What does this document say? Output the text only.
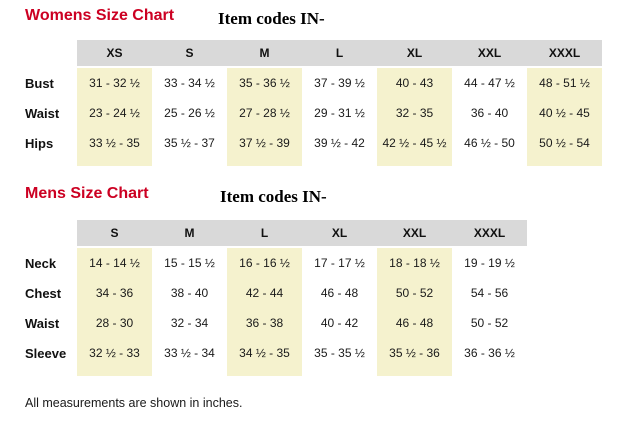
Womens Size Chart	Item codes IN-
	XS	S	M	L	XL	XXL	XXXL

Bust	31 - 32 ½	33 - 34 ½	35 - 36 ½	37 - 39 ½	40 - 43	44 - 47 ½	48 - 51 ½
Waist	23 - 24 ½	25 - 26 ½	27 - 28 ½	29 - 31 ½	32 - 35	36 - 40	40 ½ - 45
Hips	33 ½ - 35	35 ½ - 37	37 ½ - 39	39 ½ - 42	42 ½ - 45 ½	46 ½ - 50	50 ½ - 54

Mens Size Chart	Item codes IN-
	S	M	L	XL	XXL	XXXL

Neck	14 - 14 ½	15 - 15 ½	16 - 16 ½	17 - 17 ½	18 - 18 ½	19 - 19 ½
Chest	34 - 36	38 - 40	42 - 44	46 - 48	50 - 52	54 - 56
Waist	28 - 30	32 - 34	36 - 38	40 - 42	46 - 48	50 - 52
Sleeve	32 ½ - 33	33 ½ - 34	34 ½ - 35	35 - 35 ½	35 ½ - 36	36 - 36 ½

All measurements are shown in inches.
